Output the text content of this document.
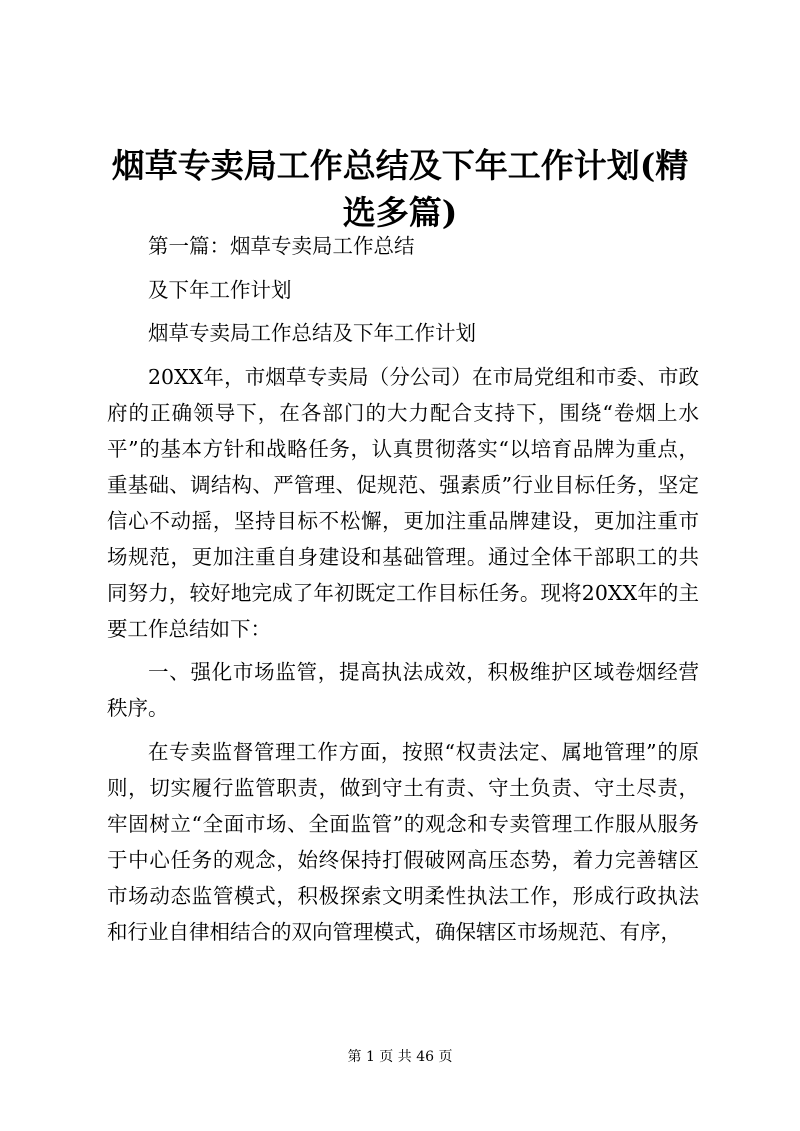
烟草专卖局工作总结及下年工作计划(精选多篇)

第一篇：烟草专卖局工作总结

及下年工作计划

烟草专卖局工作总结及下年工作计划

20XX年，市烟草专卖局（分公司）在市局党组和市委、市政府的正确领导下，在各部门的大力配合支持下，围绕“卷烟上水平”的基本方针和战略任务，认真贯彻落实“以培育品牌为重点，重基础、调结构、严管理、促规范、强素质”行业目标任务，坚定信心不动摇，坚持目标不松懈，更加注重品牌建设，更加注重市场规范，更加注重自身建设和基础管理。通过全体干部职工的共同努力，较好地完成了年初既定工作目标任务。现将20XX年的主要工作总结如下：

一、强化市场监管，提高执法成效，积极维护区域卷烟经营秩序。

在专卖监督管理工作方面，按照“权责法定、属地管理”的原则，切实履行监管职责，做到守土有责、守土负责、守土尽责，牢固树立“全面市场、全面监管”的观念和专卖管理工作服从服务于中心任务的观念，始终保持打假破网高压态势，着力完善辖区市场动态监管模式，积极探索文明柔性执法工作，形成行政执法和行业自律相结合的双向管理模式，确保辖区市场规范、有序，

第 1 页 共 46 页
